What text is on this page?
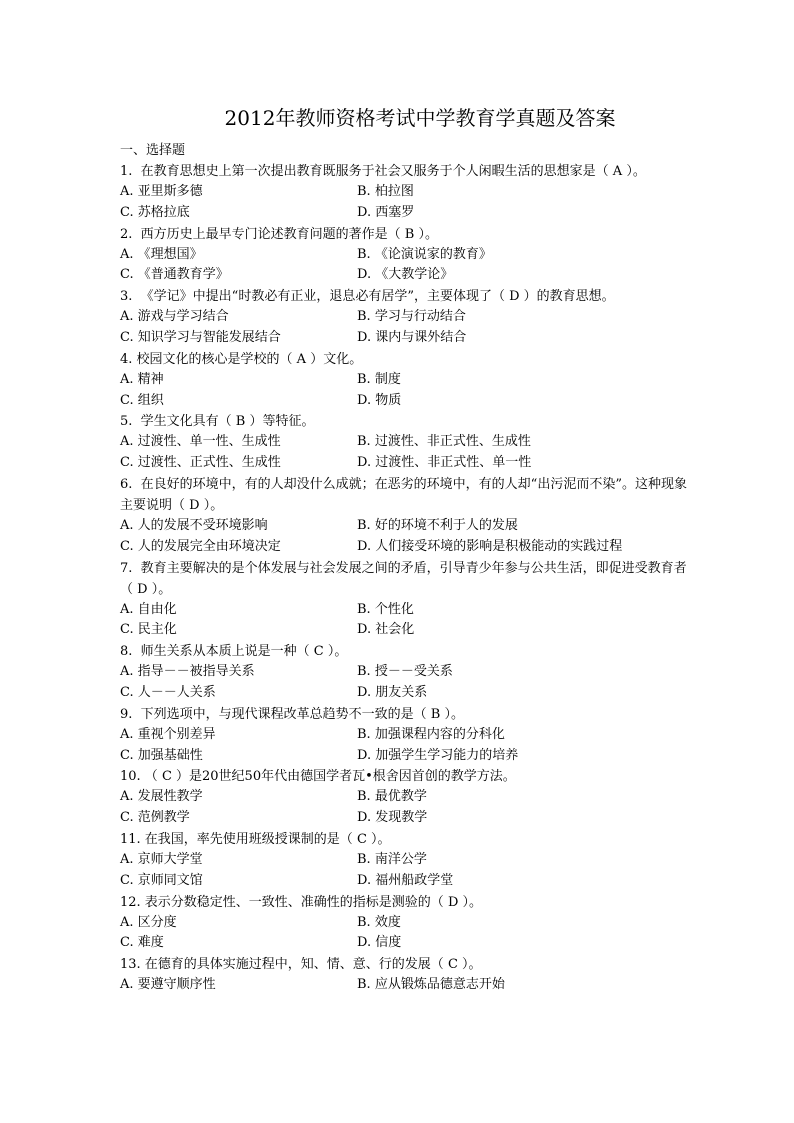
2012年教师资格考试中学教育学真题及答案
一、选择题
1.  在教育思想史上第一次提出教育既服务于社会又服务于个人闲暇生活的思想家是（ A ）。
A. 亚里斯多德	B. 柏拉图
C. 苏格拉底	D. 西塞罗
2.  西方历史上最早专门论述教育问题的著作是（ B ）。
A. 《理想国》	B. 《论演说家的教育》
C. 《普通教育学》	D. 《大教学论》
3.  《学记》中提出“时教必有正业，退息必有居学”，主要体现了（ D ）的教育思想。
A. 游戏与学习结合	B. 学习与行动结合
C. 知识学习与智能发展结合	D. 课内与课外结合
4. 校园文化的核心是学校的（ A ）文化。
A. 精神	B. 制度
C. 组织	D. 物质
5.  学生文化具有（ B ）等特征。
A. 过渡性、单一性、生成性	B. 过渡性、非正式性、生成性
C. 过渡性、正式性、生成性	D. 过渡性、非正式性、单一性
6.  在良好的环境中，有的人却没什么成就；在恶劣的环境中，有的人却“出污泥而不染”。这种现象主要说明（ D ）。
A. 人的发展不受环境影响	B. 好的环境不利于人的发展
C. 人的发展完全由环境决定	D. 人们接受环境的影响是积极能动的实践过程
7.  教育主要解决的是个体发展与社会发展之间的矛盾，引导青少年参与公共生活，即促进受教育者（ D ）。
A. 自由化	B. 个性化
C. 民主化	D. 社会化
8.  师生关系从本质上说是一种（ C ）。
A. 指导－－被指导关系	B. 授－－受关系
C. 人－－人关系	D. 朋友关系
9.  下列选项中，与现代课程改革总趋势不一致的是（ B ）。
A. 重视个别差异	B. 加强课程内容的分科化
C. 加强基础性	D. 加强学生学习能力的培养
10. （ C ）是20世纪50年代由德国学者瓦•根舍因首创的教学方法。
A. 发展性教学	B. 最优教学
C. 范例教学	D. 发现教学
11. 在我国，率先使用班级授课制的是（ C ）。
A. 京师大学堂	B. 南洋公学
C. 京师同文馆	D. 福州船政学堂
12. 表示分数稳定性、一致性、准确性的指标是测验的（ D ）。
A. 区分度	B. 效度
C. 难度	D. 信度
13. 在德育的具体实施过程中，知、情、意、行的发展（ C ）。
A. 要遵守顺序性	B. 应从锻炼品德意志开始
